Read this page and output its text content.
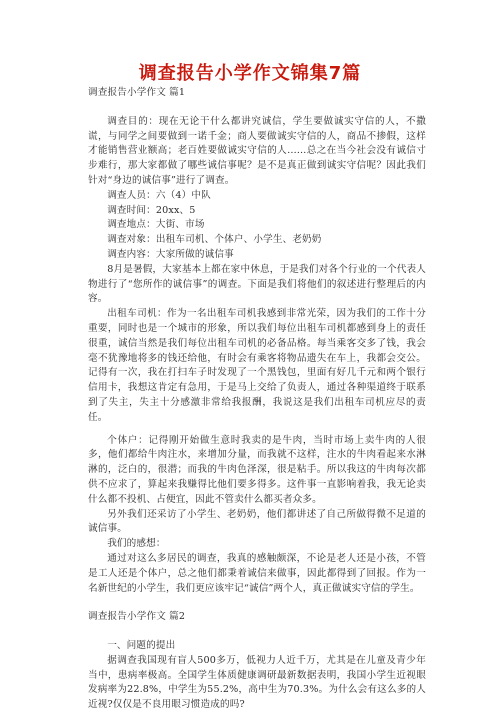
调查报告小学作文锦集7篇

调查报告小学作文 篇1

调查目的：现在无论干什么都讲究诚信，学生要做诚实守信的人，不撒谎，与同学之间要做到一诺千金；商人要做诚实守信的人，商品不掺假，这样才能销售营业额高；老百姓要做诚实守信的人……总之在当今社会没有诚信寸步难行，那大家都做了哪些诚信事呢？是不是真正做到诚实守信呢？因此我们针对“身边的诚信事”进行了调查。

调查人员：六（4）中队

调查时间：20xx、5

调查地点：大街、市场

调查对象：出租车司机、个体户、小学生、老奶奶

调查内容：大家所做的诚信事

8月是暑假，大家基本上都在家中休息，于是我们对各个行业的一个代表人物进行了“您所作的诚信事”的调查。下面是我们将他们的叙述进行整理后的内容。

出租车司机：作为一名出租车司机我感到非常光荣，因为我们的工作十分重要，同时也是一个城市的形象，所以我们每位出租车司机都感到身上的责任很重，诚信当然是我们每位出租车司机的必备品格。每当乘客交多了钱，我会毫不犹豫地将多的钱还给他，有时会有乘客将物品遗失在车上，我都会交公。记得有一次，我在打扫车子时发现了一个黑钱包，里面有好几千元和两个银行信用卡，我想这肯定有急用，于是马上交给了负责人，通过各种渠道终于联系到了失主，失主十分感激非常给我报酬，我说这是我们出租车司机应尽的责任。

个体户：记得刚开始做生意时我卖的是牛肉，当时市场上卖牛肉的人很多，他们都给牛肉注水，来增加分量，而我就不这样，注水的牛肉看起来水淋淋的，泛白的，很潜；而我的牛肉色泽深，很是粘手。所以我这的牛肉每次都供不应求了，算起来我赚得比他们要多得多。这件事一直影响着我，我无论卖什么都不投机、占便宜，因此不管卖什么都买者众多。

另外我们还采访了小学生、老奶奶，他们都讲述了自己所做得微不足道的诚信事。

我们的感想：

通过对这么多居民的调查，我真的感触颇深，不论是老人还是小孩，不管是工人还是个体户，总之他们都秉着诚信来做事，因此都得到了回报。作为一名新世纪的小学生，我们更应该牢记“诚信”两个人，真正做诚实守信的学生。

调查报告小学作文 篇2

一、问题的提出

据调查我国现有盲人500多万，低视力人近千万，尤其是在儿童及青少年当中，患病率极高。全国学生体质健康调研最新数据表明，我国小学生近视眼发病率为22.8%，中学生为55.2%，高中生为70.3%。为什么会有这么多的人近视?仅仅是不良用眼习惯造成的吗?
